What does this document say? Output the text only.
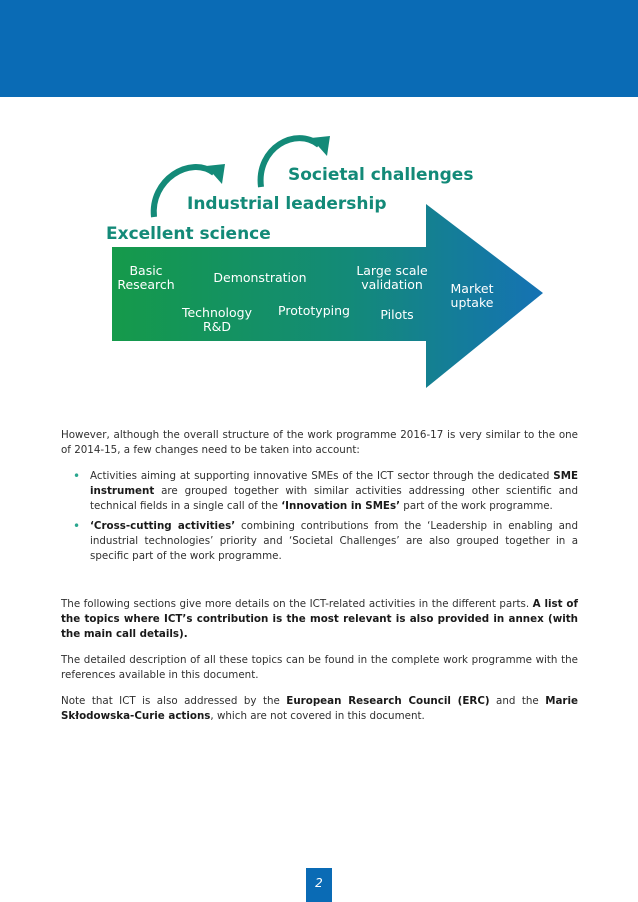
Excellent science
Industrial leadership
Societal challenges
Basic
Research	Demonstration	Large scale
validation	Market
uptake
Technology
R&D
Prototyping	Pilots

However, although the overall structure of the work programme 2016-17 is very similar to the one of 2014-15, a few changes need to be taken into account:

• Activities aiming at supporting innovative SMEs of the ICT sector through the dedicated SME instrument are grouped together with similar activities addressing other scientific and technical fields in a single call of the ‘Innovation in SMEs’ part of the work programme.
• ‘Cross-cutting activities’ combining contributions from the ‘Leadership in enabling and industrial technologies’ priority and ‘Societal Challenges’ are also grouped together in a specific part of the work programme.

The following sections give more details on the ICT-related activities in the different parts. A list of the topics where ICT’s contribution is the most relevant is also provided in annex (with the main call details).

The detailed description of all these topics can be found in the complete work programme with the references available in this document.

Note that ICT is also addressed by the European Research Council (ERC) and the Marie Skłodowska-Curie actions, which are not covered in this document.

2
